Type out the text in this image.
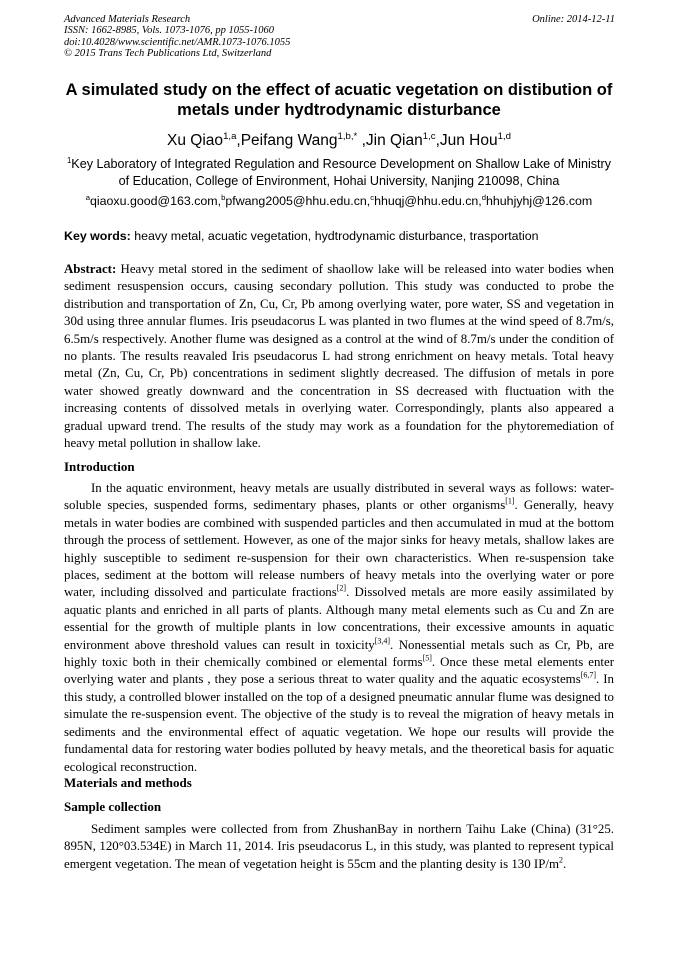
Advanced Materials Research
ISSN: 1662-8985, Vols. 1073-1076, pp 1055-1060
doi:10.4028/www.scientific.net/AMR.1073-1076.1055
© 2015 Trans Tech Publications Ltd, Switzerland
Online: 2014-12-11
A simulated study on the effect of acuatic vegetation on distibution of metals under hydtrodynamic disturbance
Xu Qiao$^{1,a}$,Peifang Wang$^{1,b,*}$ ,Jin Qian$^{1,c}$,Jun Hou$^{1,d}$
$^1$Key Laboratory of Integrated Regulation and Resource Development on Shallow Lake of Ministry of Education, College of Environment, Hohai University, Nanjing 210098, China
$^a$qiaoxu.good@163.com,$^b$pfwang2005@hhu.edu.cn,$^c$hhuqj@hhu.edu.cn,$^d$hhuhjyhj@126.com
Key words: heavy metal, acuatic vegetation, hydtrodynamic disturbance, trasportation

Abstract: Heavy metal stored in the sediment of shaollow lake will be released into water bodies when sediment resuspension occurs, causing secondary pollution. This study was conducted to probe the distribution and transportation of Zn, Cu, Cr, Pb among overlying water, pore water, SS and vegetation in 30d using three annular flumes. Iris pseudacorus L was planted in two flumes at the wind speed of 8.7m/s, 6.5m/s respectively. Another flume was designed as a control at the wind of 8.7m/s under the condition of no plants. The results reavaled Iris pseudacorus L had strong enrichment on heavy metals. Total heavy metal (Zn, Cu, Cr, Pb) concentrations in sediment slightly decreased. The diffusion of metals in pore water showed greatly downward and the concentration in SS decreased with fluctuation with the increasing contents of dissolved metals in overlying water. Correspondingly, plants also appeared a gradual upward trend. The results of the study may work as a foundation for the phytoremediation of heavy metal pollution in shallow lake.

Introduction

In the aquatic environment, heavy metals are usually distributed in several ways as follows: water-soluble species, suspended forms, sedimentary phases, plants or other organisms[1]. Generally, heavy metals in water bodies are combined with suspended particles and then accumulated in mud at the bottom through the process of settlement. However, as one of the major sinks for heavy metals, shallow lakes are highly susceptible to sediment re-suspension for their own characteristics. When re-suspension take places, sediment at the bottom will release numbers of heavy metals into the overlying water or pore water, including dissolved and particulate fractions[2]. Dissolved metals are more easily assimilated by aquatic plants and enriched in all parts of plants. Although many metal elements such as Cu and Zn are essential for the growth of multiple plants in low concentrations, their excessive amounts in aquatic environment above threshold values can result in toxicity[3,4]. Nonessential metals such as Cr, Pb, are highly toxic both in their chemically combined or elemental forms[5]. Once these metal elements enter overlying water and plants , they pose a serious threat to water quality and the aquatic ecosystems[6,7]. In this study, a controlled blower installed on the top of a designed pneumatic annular flume was designed to simulate the re-suspension event. The objective of the study is to reveal the migration of heavy metals in sediments and the environmental effect of aquatic vegetation. We hope our results will provide the fundamental data for restoring water bodies polluted by heavy metals, and the theoretical basis for aquatic ecological reconstruction.

Materials and methods
Sample collection

Sediment samples were collected from from ZhushanBay in northern Taihu Lake (China) (31°25. 895N, 120°03.534E) in March 11, 2014. Iris pseudacorus L, in this study, was planted to represent typical emergent vegetation. The mean of vegetation height is 55cm and the planting desity is 130 $IP/m^2$.
